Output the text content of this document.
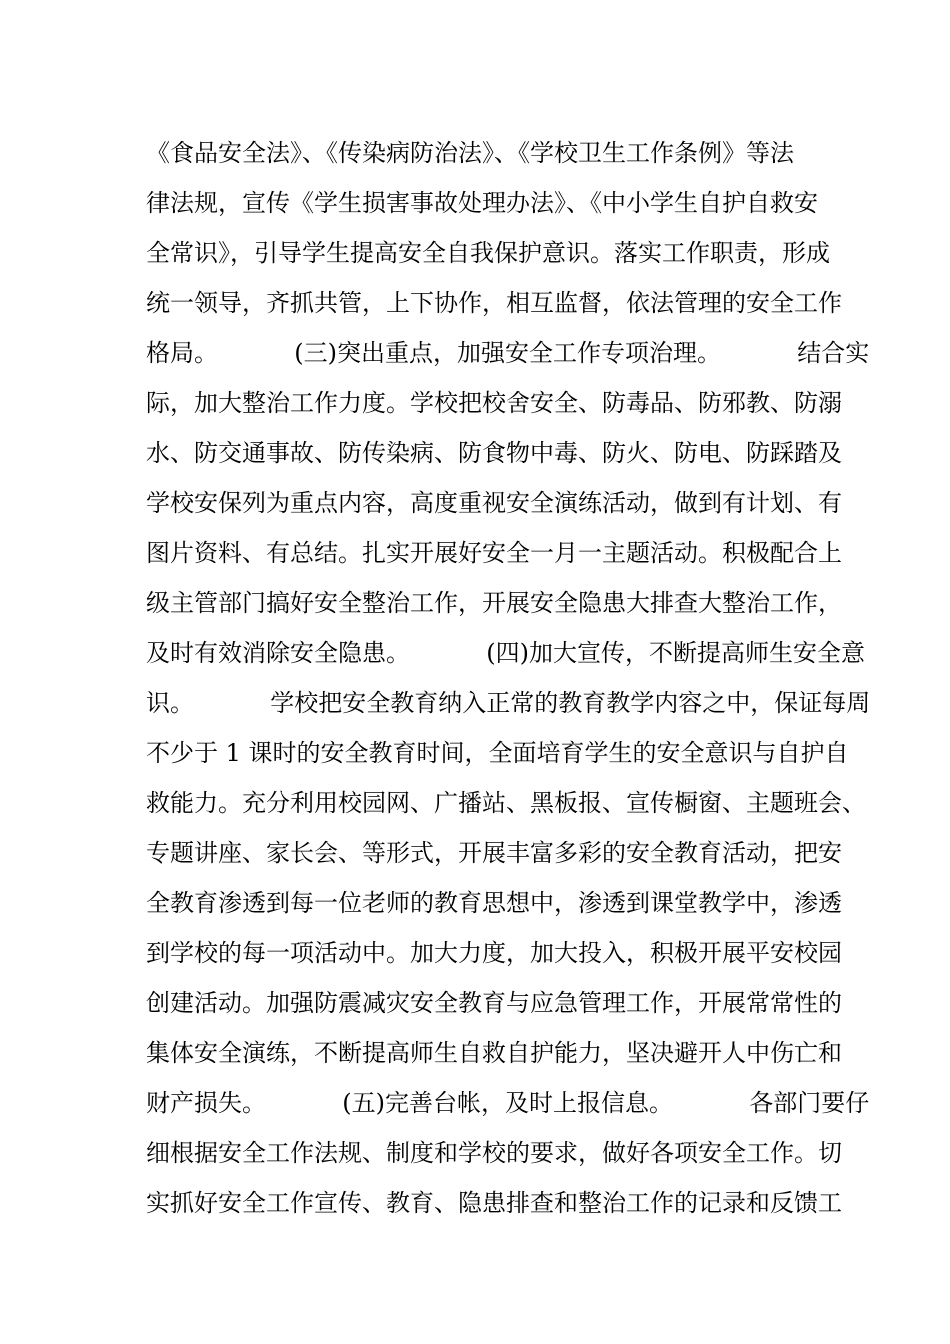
《食品安全法》、《传染病防治法》、《学校卫生工作条例》等法
律法规，宣传《学生损害事故处理办法》、《中小学生自护自救安
全常识》，引导学生提高安全自我保护意识。落实工作职责，形成
统一领导，齐抓共管，上下协作，相互监督，依法管理的安全工作
格局。          (三)突出重点，加强安全工作专项治理。          结合实
际，加大整治工作力度。学校把校舍安全、防毒品、防邪教、防溺
水、防交通事故、防传染病、防食物中毒、防火、防电、防踩踏及
学校安保列为重点内容，高度重视安全演练活动，做到有计划、有
图片资料、有总结。扎实开展好安全一月一主题活动。积极配合上
级主管部门搞好安全整治工作，开展安全隐患大排查大整治工作，
及时有效消除安全隐患。          (四)加大宣传，不断提高师生安全意
识。          学校把安全教育纳入正常的教育教学内容之中，保证每周
不少于 1 课时的安全教育时间，全面培育学生的安全意识与自护自
救能力。充分利用校园网、广播站、黑板报、宣传橱窗、主题班会、
专题讲座、家长会、等形式，开展丰富多彩的安全教育活动，把安
全教育渗透到每一位老师的教育思想中，渗透到课堂教学中，渗透
到学校的每一项活动中。加大力度，加大投入，积极开展平安校园
创建活动。加强防震减灾安全教育与应急管理工作，开展常常性的
集体安全演练，不断提高师生自救自护能力，坚决避开人中伤亡和
财产损失。          (五)完善台帐，及时上报信息。          各部门要仔
细根据安全工作法规、制度和学校的要求，做好各项安全工作。切
实抓好安全工作宣传、教育、隐患排查和整治工作的记录和反馈工
